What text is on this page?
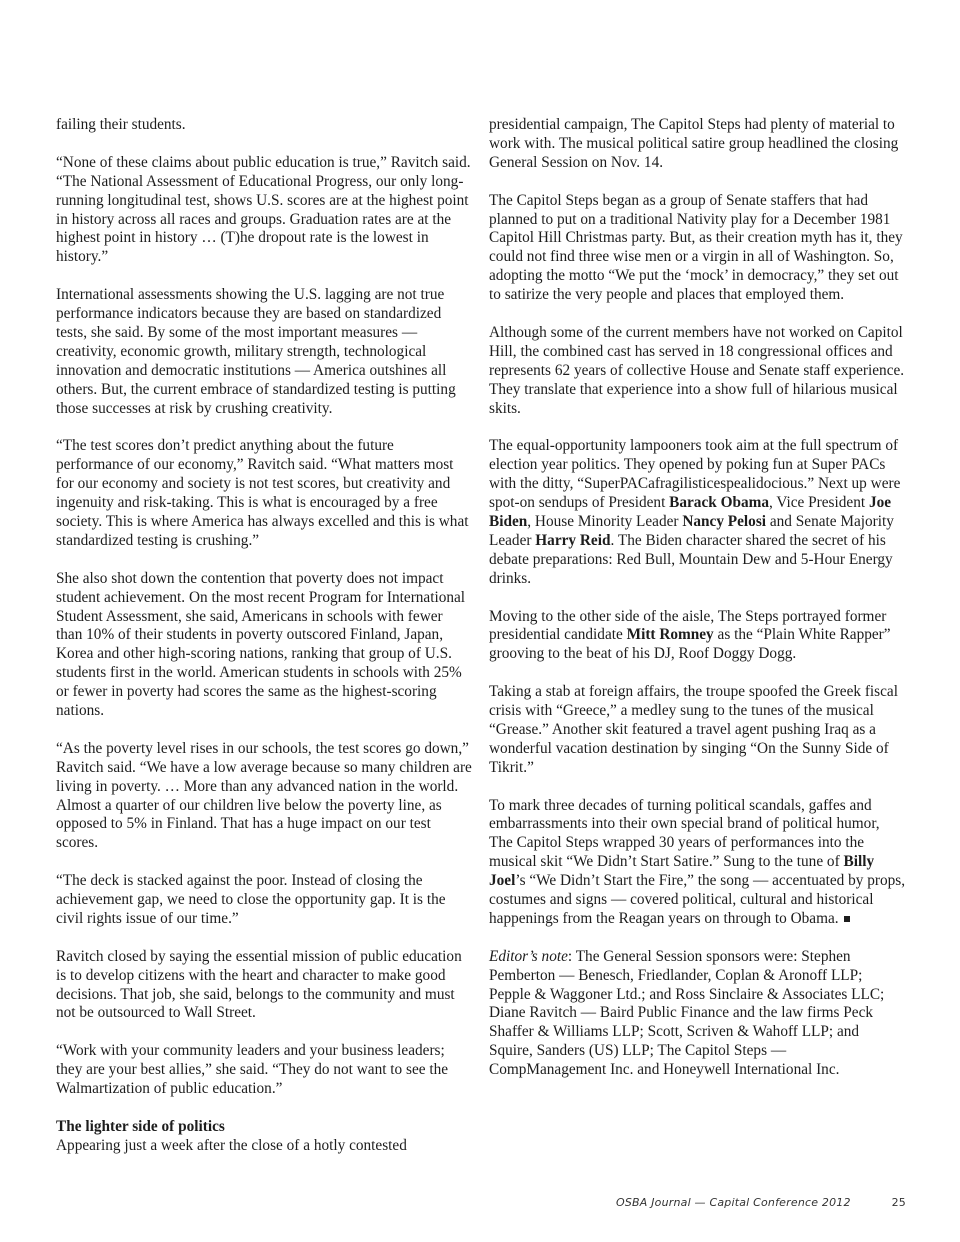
failing their students.

“None of these claims about public education is true,” Ravitch said. “The National Assessment of Educational Progress, our only long-running longitudinal test, shows U.S. scores are at the highest point in history across all races and groups. Graduation rates are at the highest point in history … (T)he dropout rate is the lowest in history.”

International assessments showing the U.S. lagging are not true performance indicators because they are based on standardized tests, she said. By some of the most important measures — creativity, economic growth, military strength, technological innovation and democratic institutions — America outshines all others. But, the current embrace of standardized testing is putting those successes at risk by crushing creativity.

“The test scores don’t predict anything about the future performance of our economy,” Ravitch said. “What matters most for our economy and society is not test scores, but creativity and ingenuity and risk-taking. This is what is encouraged by a free society. This is where America has always excelled and this is what standardized testing is crushing.”

She also shot down the contention that poverty does not impact student achievement. On the most recent Program for International Student Assessment, she said, Americans in schools with fewer than 10% of their students in poverty outscored Finland, Japan, Korea and other high-scoring nations, ranking that group of U.S. students first in the world. American students in schools with 25% or fewer in poverty had scores the same as the highest-scoring nations.

“As the poverty level rises in our schools, the test scores go down,” Ravitch said. “We have a low average because so many children are living in poverty. … More than any advanced nation in the world. Almost a quarter of our children live below the poverty line, as opposed to 5% in Finland. That has a huge impact on our test scores.

“The deck is stacked against the poor. Instead of closing the achievement gap, we need to close the opportunity gap. It is the civil rights issue of our time.”

Ravitch closed by saying the essential mission of public education is to develop citizens with the heart and character to make good decisions. That job, she said, belongs to the community and must not be outsourced to Wall Street.

“Work with your community leaders and your business leaders; they are your best allies,” she said. “They do not want to see the Walmartization of public education.”

The lighter side of politics

Appearing just a week after the close of a hotly contested

presidential campaign, The Capitol Steps had plenty of material to work with. The musical political satire group headlined the closing General Session on Nov. 14.

The Capitol Steps began as a group of Senate staffers that had planned to put on a traditional Nativity play for a December 1981 Capitol Hill Christmas party. But, as their creation myth has it, they could not find three wise men or a virgin in all of Washington. So, adopting the motto “We put the ‘mock’ in democracy,” they set out to satirize the very people and places that employed them.

Although some of the current members have not worked on Capitol Hill, the combined cast has served in 18 congressional offices and represents 62 years of collective House and Senate staff experience. They translate that experience into a show full of hilarious musical skits.

The equal-opportunity lampooners took aim at the full spectrum of election year politics. They opened by poking fun at Super PACs with the ditty, “SuperPACafragilisticespealidocious.” Next up were spot-on sendups of President Barack Obama, Vice President Joe Biden, House Minority Leader Nancy Pelosi and Senate Majority Leader Harry Reid. The Biden character shared the secret of his debate preparations: Red Bull, Mountain Dew and 5-Hour Energy drinks.

Moving to the other side of the aisle, The Steps portrayed former presidential candidate Mitt Romney as the “Plain White Rapper” grooving to the beat of his DJ, Roof Doggy Dogg.

Taking a stab at foreign affairs, the troupe spoofed the Greek fiscal crisis with “Greece,” a medley sung to the tunes of the musical “Grease.” Another skit featured a travel agent pushing Iraq as a wonderful vacation destination by singing “On the Sunny Side of Tikrit.”

To mark three decades of turning political scandals, gaffes and embarrassments into their own special brand of political humor, The Capitol Steps wrapped 30 years of performances into the musical skit “We Didn’t Start Satire.” Sung to the tune of Billy Joel’s “We Didn’t Start the Fire,” the song — accentuated by props, costumes and signs — covered political, cultural and historical happenings from the Reagan years on through to Obama.

Editor’s note: The General Session sponsors were: Stephen Pemberton — Benesch, Friedlander, Coplan & Aronoff LLP; Pepple & Waggoner Ltd.; and Ross Sinclaire & Associates LLC; Diane Ravitch — Baird Public Finance and the law firms Peck Shaffer & Williams LLP; Scott, Scriven & Wahoff LLP; and Squire, Sanders (US) LLP; The Capitol Steps — CompManagement Inc. and Honeywell International Inc.

OSBA Journal — Capital Conference 2012	25
